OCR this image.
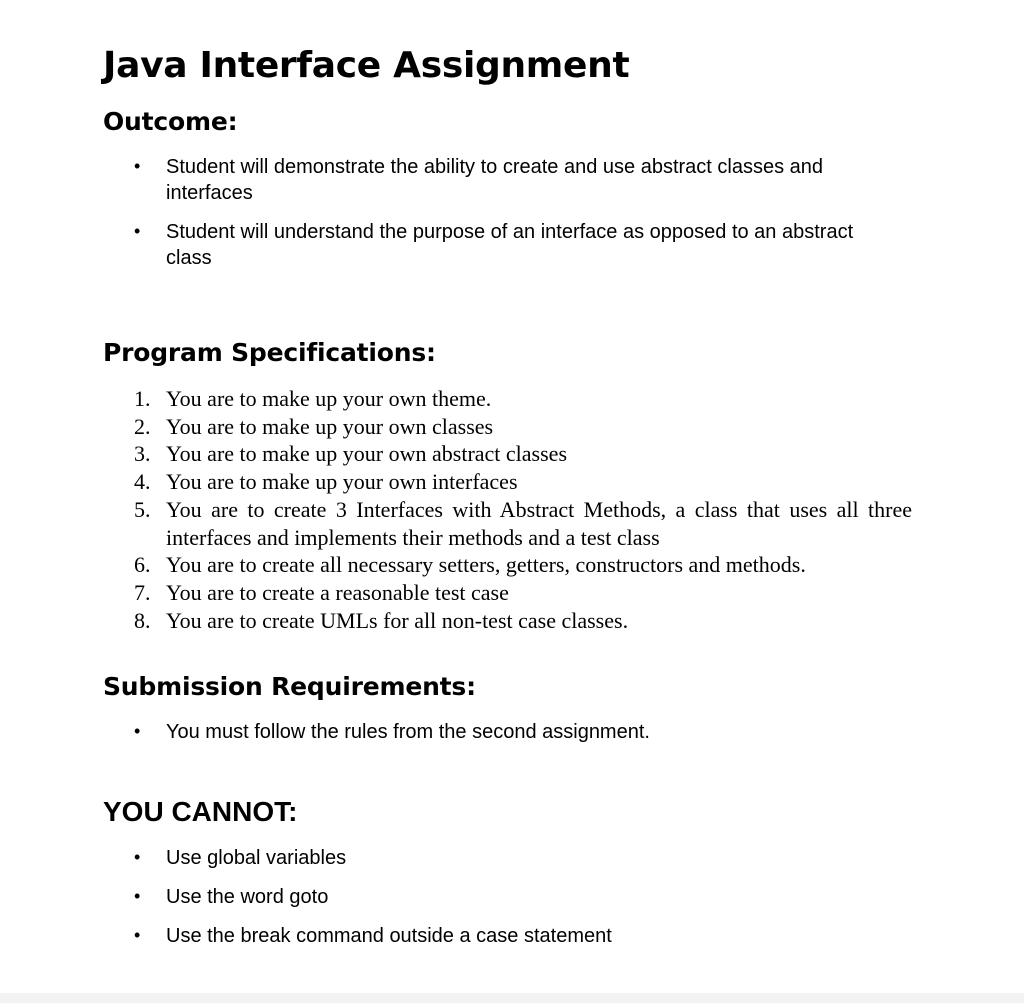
Java Interface Assignment
Outcome:
• Student will demonstrate the ability to create and use abstract classes and interfaces
• Student will understand the purpose of an interface as opposed to an abstract class
Program Specifications:
1. You are to make up your own theme.
2. You are to make up your own classes
3. You are to make up your own abstract classes
4. You are to make up your own interfaces
5. You are to create 3 Interfaces with Abstract Methods, a class that uses all three interfaces and implements their methods and a test class
6. You are to create all necessary setters, getters, constructors and methods.
7. You are to create a reasonable test case
8. You are to create UMLs for all non-test case classes.
Submission Requirements:
• You must follow the rules from the second assignment.
YOU CANNOT:
• Use global variables
• Use the word goto
• Use the break command outside a case statement
